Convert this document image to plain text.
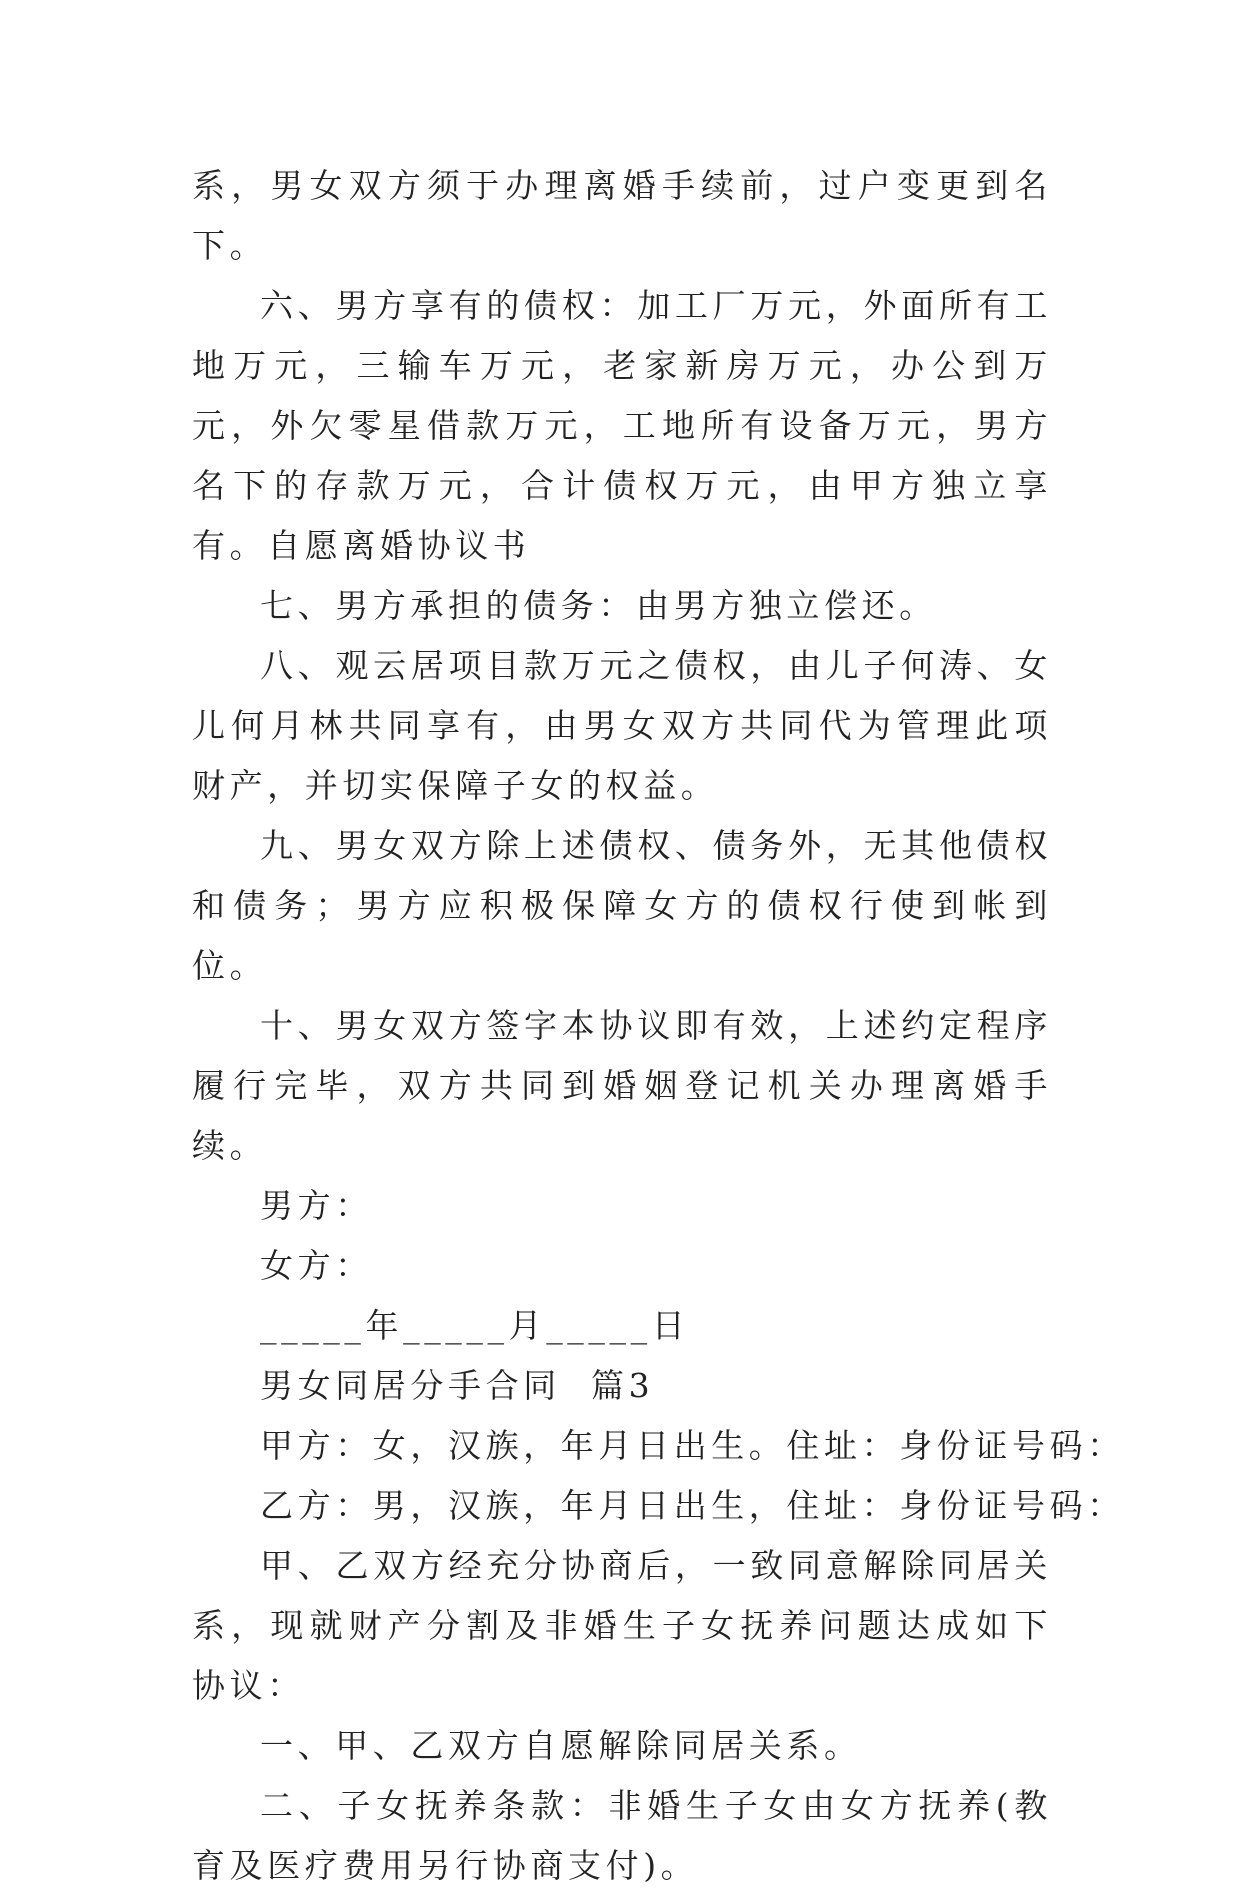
系，男女双方须于办理离婚手续前，过户变更到名下。

六、男方享有的债权：加工厂万元，外面所有工地万元，三输车万元，老家新房万元，办公到万元，外欠零星借款万元，工地所有设备万元，男方名下的存款万元，合计债权万元，由甲方独立享有。自愿离婚协议书

七、男方承担的债务：由男方独立偿还。

八、观云居项目款万元之债权，由儿子何涛、女儿何月林共同享有，由男女双方共同代为管理此项财产，并切实保障子女的权益。

九、男女双方除上述债权、债务外，无其他债权和债务；男方应积极保障女方的债权行使到帐到位。

十、男女双方签字本协议即有效，上述约定程序履行完毕，双方共同到婚姻登记机关办理离婚手续。

男方：

女方：

_____年_____月_____日

男女同居分手合同  篇3

甲方：女，汉族，年月日出生。住址：身份证号码：

乙方：男，汉族，年月日出生，住址：身份证号码：

甲、乙双方经充分协商后，一致同意解除同居关系，现就财产分割及非婚生子女抚养问题达成如下协议：

一、甲、乙双方自愿解除同居关系。

二、子女抚养条款：非婚生子女由女方抚养(教育及医疗费用另行协商支付)。
